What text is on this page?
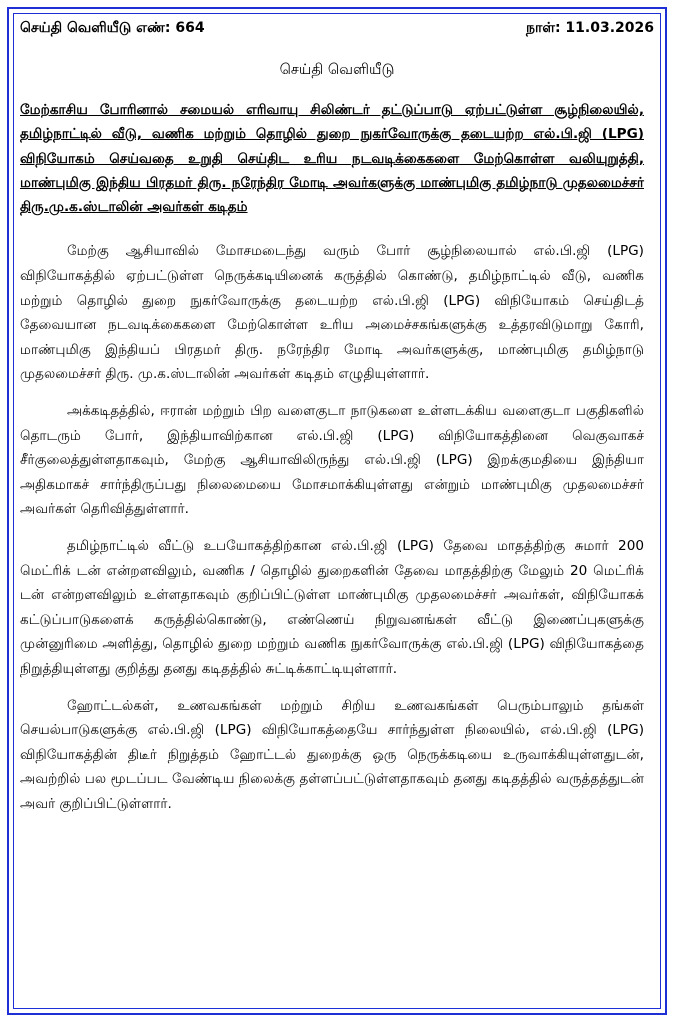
செய்தி வெளியீடு எண்: 664	நாள்: 11.03.2026
செய்தி வெளியீடு
மேற்காசிய போரினால் சமையல் எரிவாயு சிலிண்டர் தட்டுப்பாடு ஏற்பட்டுள்ள சூழ்நிலையில், தமிழ்நாட்டில் வீடு, வணிக மற்றும் தொழில் துறை நுகர்வோருக்கு தடையற்ற எல்.பி.ஜி (LPG) விநியோகம் செய்வதை உறுதி செய்திட உரிய நடவடிக்கைகளை மேற்கொள்ள வலியுறுத்தி, மாண்புமிகு இந்திய பிரதமர் திரு. நரேந்திர மோடி அவர்களுக்கு மாண்புமிகு தமிழ்நாடு முதலமைச்சர் திரு.மு.க.ஸ்டாலின் அவர்கள் கடிதம்

மேற்கு ஆசியாவில் மோசமடைந்து வரும் போர் சூழ்நிலையால் எல்.பி.ஜி (LPG) விநியோகத்தில் ஏற்பட்டுள்ள நெருக்கடியினைக் கருத்தில் கொண்டு, தமிழ்நாட்டில் வீடு, வணிக மற்றும் தொழில் துறை நுகர்வோருக்கு தடையற்ற எல்.பி.ஜி (LPG) விநியோகம் செய்திடத் தேவையான நடவடிக்கைகளை மேற்கொள்ள உரிய அமைச்சகங்களுக்கு உத்தரவிடுமாறு கோரி, மாண்புமிகு இந்தியப் பிரதமர் திரு. நரேந்திர மோடி அவர்களுக்கு, மாண்புமிகு தமிழ்நாடு முதலமைச்சர் திரு. மு.க.ஸ்டாலின் அவர்கள் கடிதம் எழுதியுள்ளார்.

அக்கடிதத்தில், ஈரான் மற்றும் பிற வளைகுடா நாடுகளை உள்ளடக்கிய வளைகுடா பகுதிகளில் தொடரும் போர், இந்தியாவிற்கான எல்.பி.ஜி (LPG) விநியோகத்தினை வெகுவாகச் சீர்குலைத்துள்ளதாகவும், மேற்கு ஆசியாவிலிருந்து எல்.பி.ஜி (LPG) இறக்குமதியை இந்தியா அதிகமாகச் சார்ந்திருப்பது நிலைமையை மோசமாக்கியுள்ளது என்றும் மாண்புமிகு முதலமைச்சர் அவர்கள் தெரிவித்துள்ளார்.

தமிழ்நாட்டில் வீட்டு உபயோகத்திற்கான எல்.பி.ஜி (LPG) தேவை மாதத்திற்கு சுமார் 200 மெட்ரிக் டன் என்றளவிலும், வணிக / தொழில் துறைகளின் தேவை மாதத்திற்கு மேலும் 20 மெட்ரிக் டன் என்றளவிலும் உள்ளதாகவும் குறிப்பிட்டுள்ள மாண்புமிகு முதலமைச்சர் அவர்கள், விநியோகக் கட்டுப்பாடுகளைக் கருத்தில்கொண்டு, எண்ணெய் நிறுவனங்கள் வீட்டு இணைப்புகளுக்கு முன்னுரிமை அளித்து, தொழில் துறை மற்றும் வணிக நுகர்வோருக்கு எல்.பி.ஜி (LPG) விநியோகத்தை நிறுத்தியுள்ளது குறித்து தனது கடிதத்தில் சுட்டிக்காட்டியுள்ளார்.

ஹோட்டல்கள், உணவகங்கள் மற்றும் சிறிய உணவகங்கள் பெரும்பாலும் தங்கள் செயல்பாடுகளுக்கு எல்.பி.ஜி (LPG) விநியோகத்தையே சார்ந்துள்ள நிலையில், எல்.பி.ஜி (LPG) விநியோகத்தின் திடீர் நிறுத்தம் ஹோட்டல் துறைக்கு ஒரு நெருக்கடியை உருவாக்கியுள்ளதுடன், அவற்றில் பல மூடப்பட வேண்டிய நிலைக்கு தள்ளப்பட்டுள்ளதாகவும் தனது கடிதத்தில் வருத்தத்துடன் அவர் குறிப்பிட்டுள்ளார்.
